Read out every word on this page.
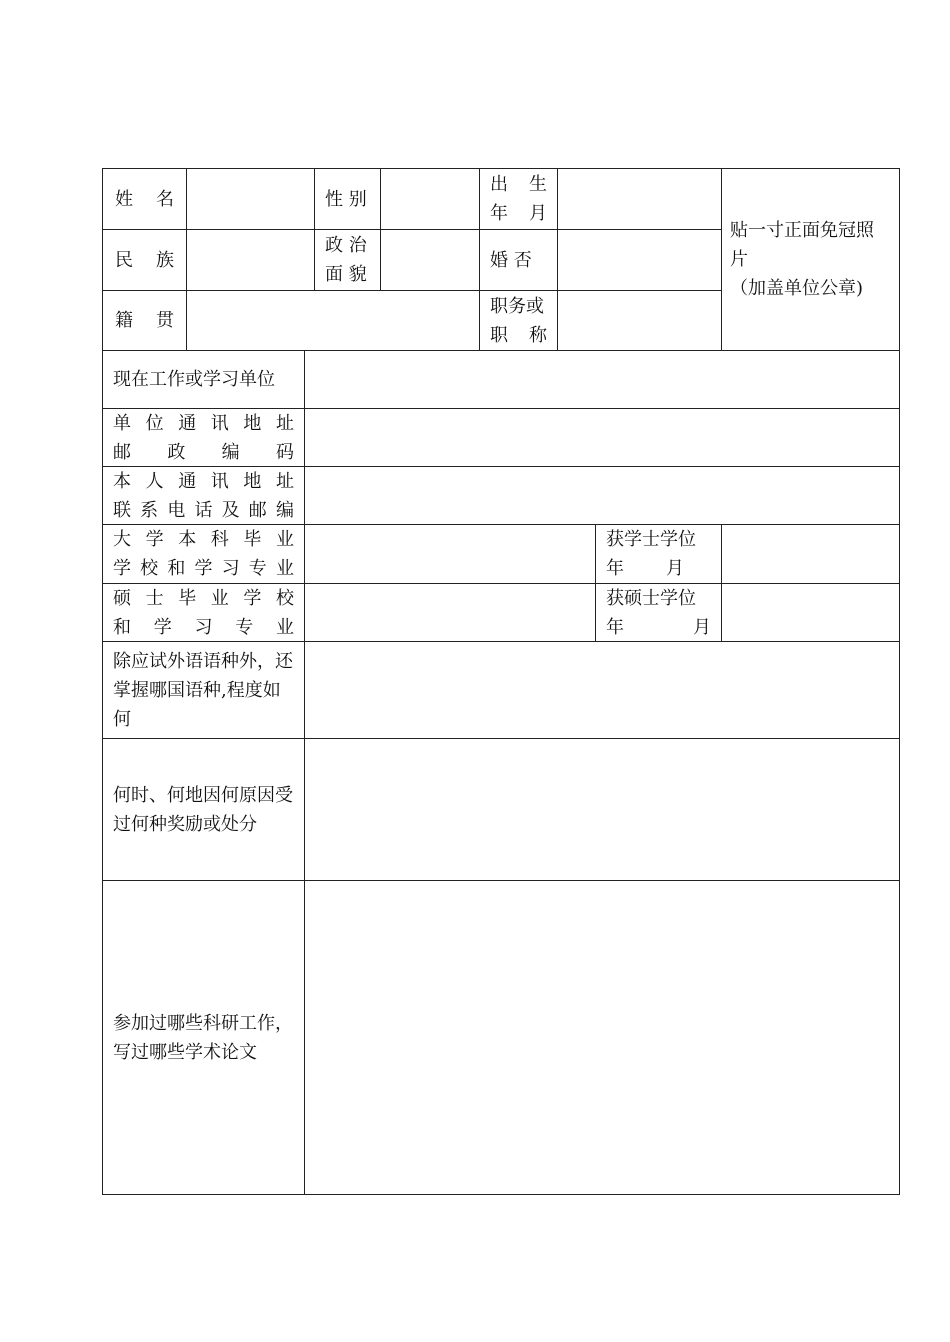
姓 名	性 别
出 生
年 月
贴一寸正面免冠照片
（加盖单位公章)
民 族
政 治
面 貌
婚 否
籍 贯
职务或
职 称
现在工作或学习单位
单 位 通 讯 地 址
邮 政 编 码
本 人 通 讯 地 址
联 系 电 话 及 邮 编
大 学 本 科 毕 业
学 校 和 学 习 专 业
获学士学位
年 月
硕 士 毕 业 学 校
和 学 习 专 业
获硕士学位
年	月
除应试外语语种外，还掌握哪国语种,程度如何
何时、何地因何原因受过何种奖励或处分
参加过哪些科研工作，写过哪些学术论文
